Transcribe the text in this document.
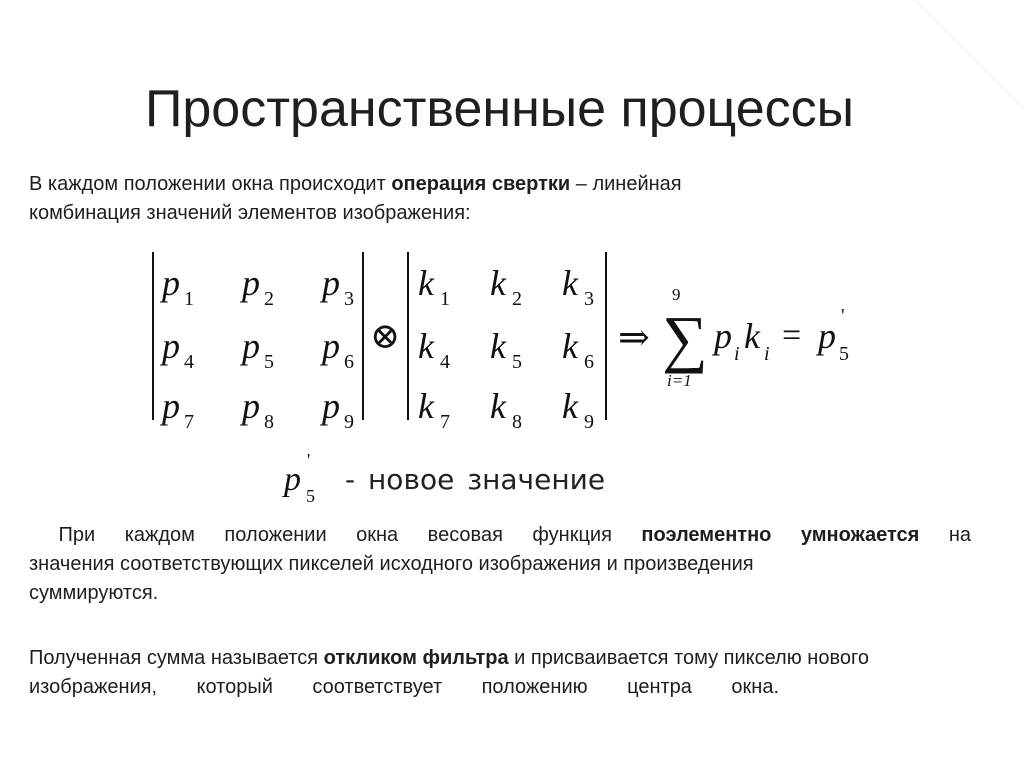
Пространственные процессы
В каждом положении окна происходит операция свертки – линейная
комбинация значений элементов изображения:
p 1 p 2 p 3
p 4 p 5 p 6
p 7 p 8 p 9
⊗
k 1 k 2 k 3
k 4 k 5 k 6
k 7 k 8 k 9
⇒
9
∑
i=1
p i k i = p 5
'
p 5
'
- новое значение
При каждом положении окна весовая функция поэлементно умножается на
значения соответствующих пикселей исходного изображения и произведения
суммируются.
Полученная сумма называется откликом фильтра и присваивается тому пикселю нового
изображения, который соответствует положению центра окна.
